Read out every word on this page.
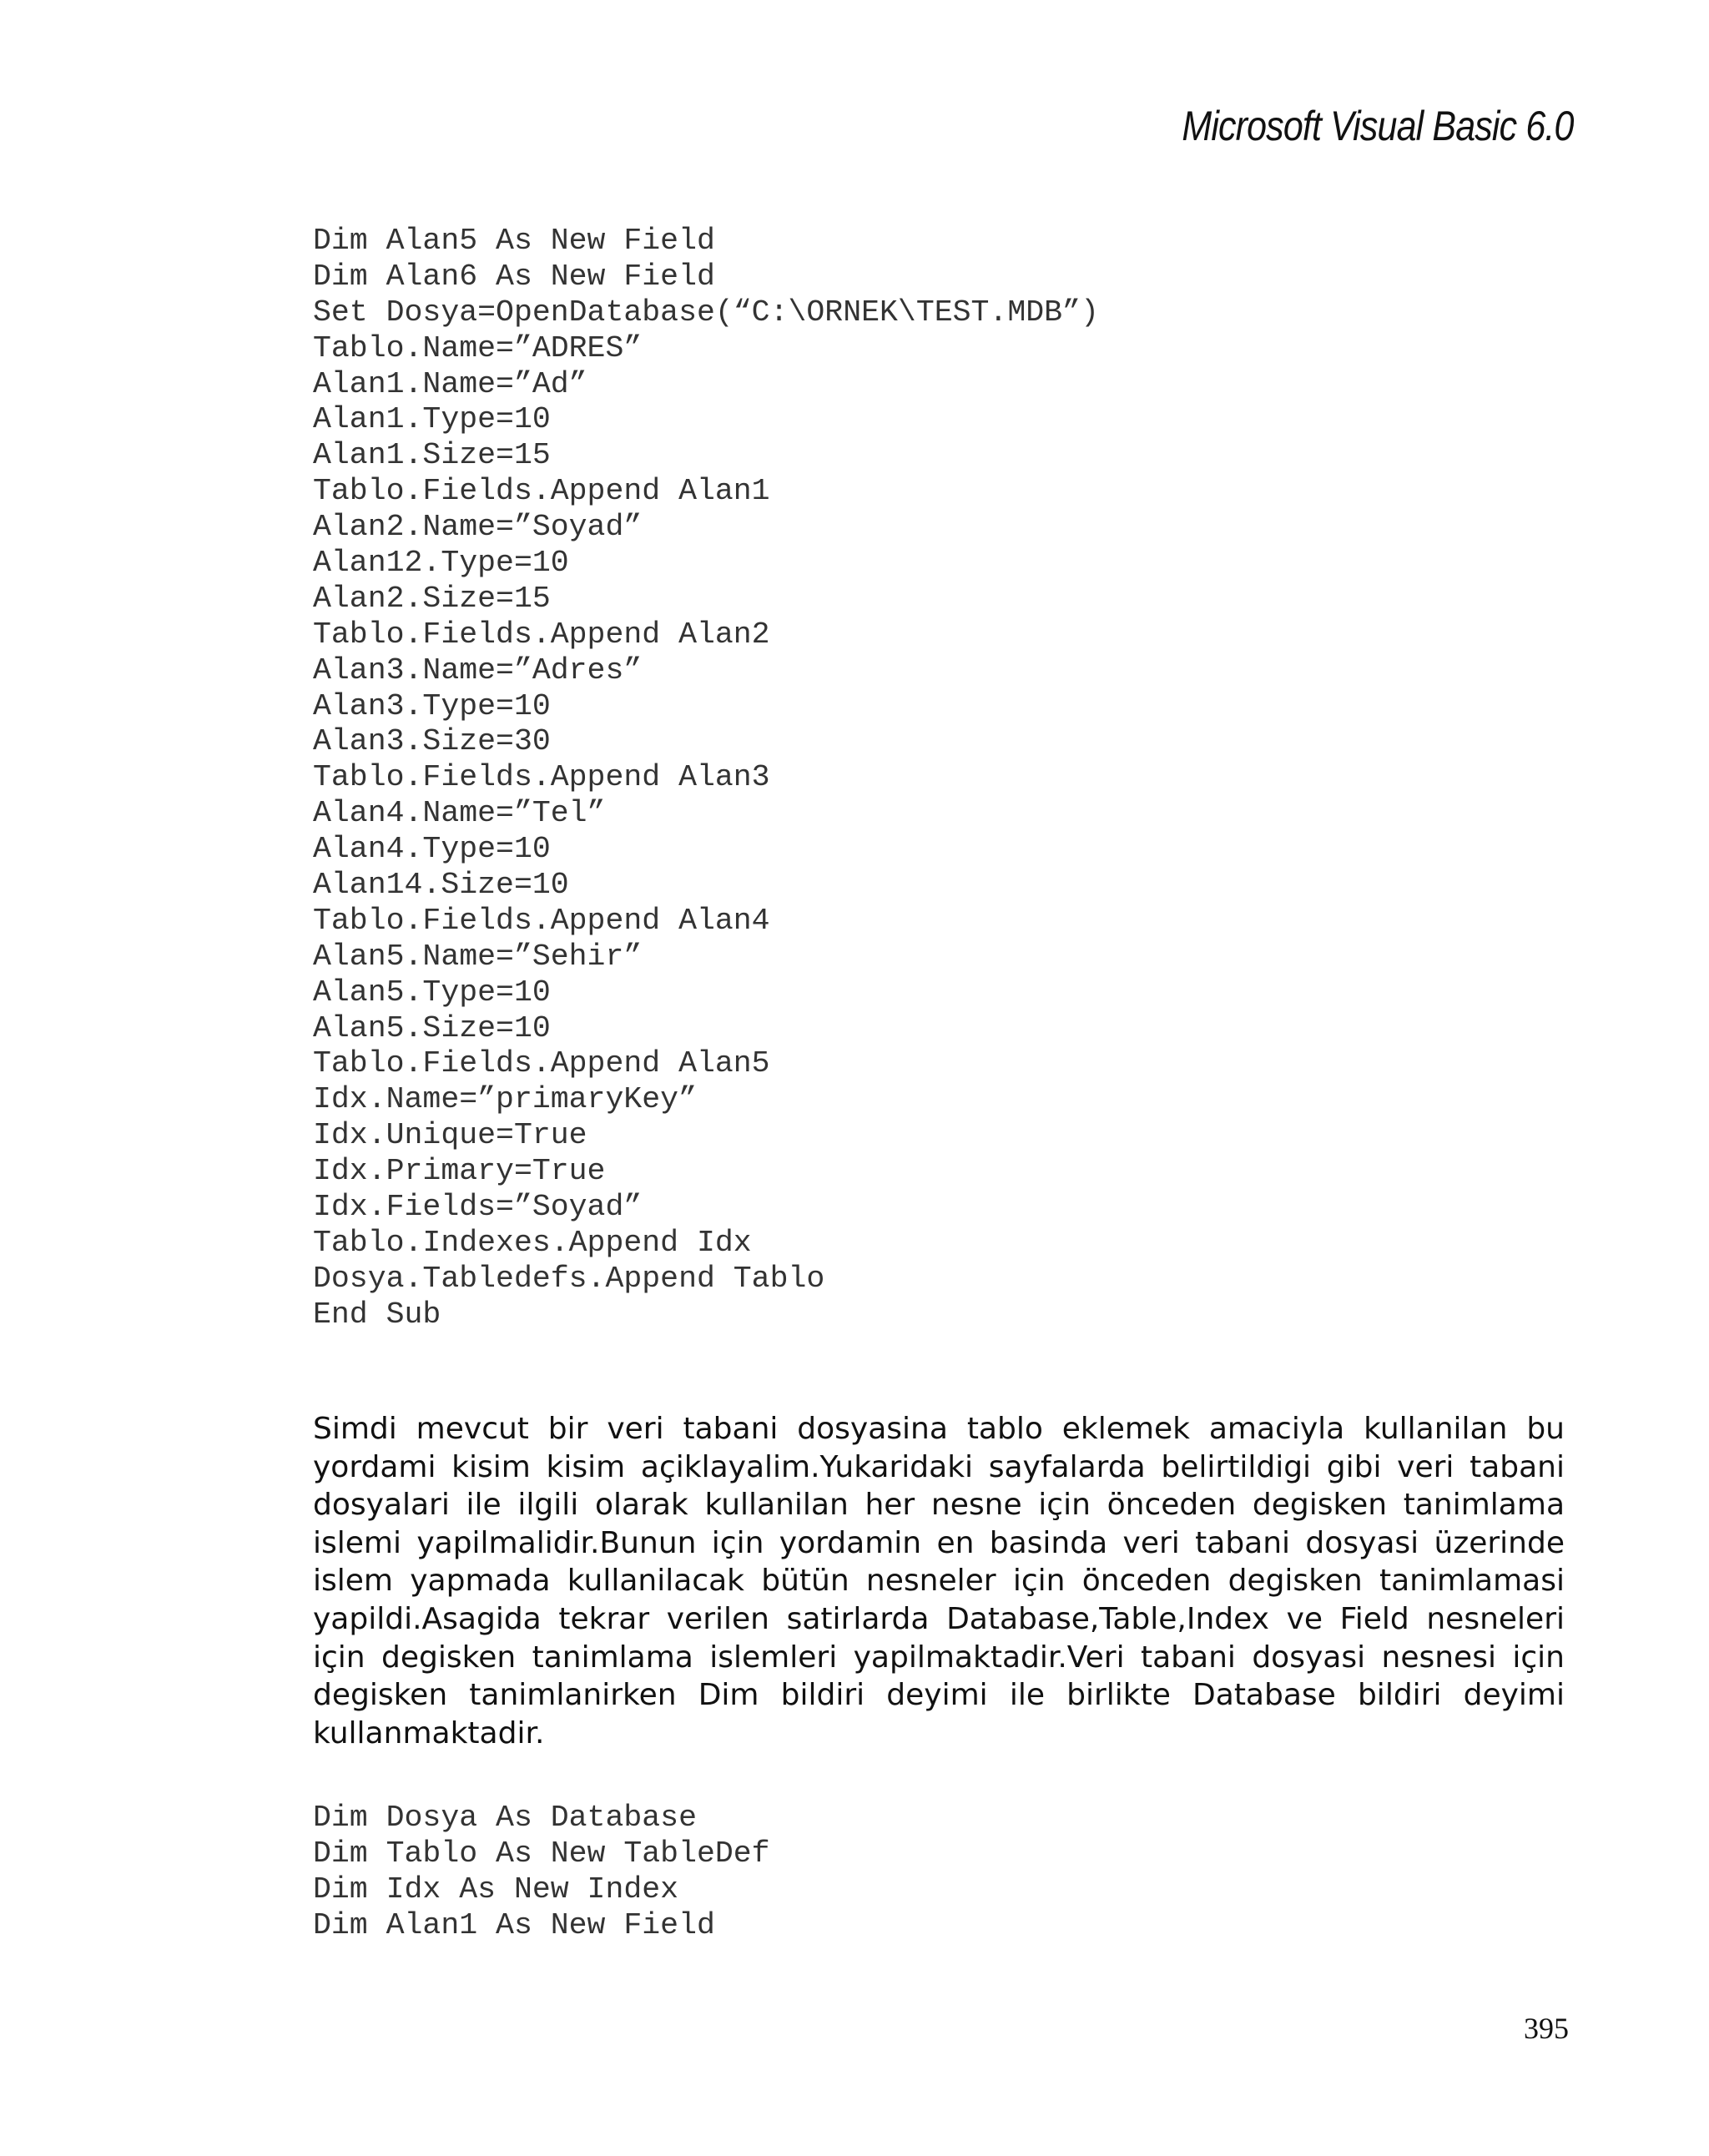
Microsoft Visual Basic 6.0
Dim Alan5 As New Field
Dim Alan6 As New Field
Set Dosya=OpenDatabase(“C:\ORNEK\TEST.MDB”)
Tablo.Name=”ADRES”
Alan1.Name=”Ad”
Alan1.Type=10
Alan1.Size=15
Tablo.Fields.Append Alan1
Alan2.Name=”Soyad”
Alan12.Type=10
Alan2.Size=15
Tablo.Fields.Append Alan2
Alan3.Name=”Adres”
Alan3.Type=10
Alan3.Size=30
Tablo.Fields.Append Alan3
Alan4.Name=”Tel”
Alan4.Type=10
Alan14.Size=10
Tablo.Fields.Append Alan4
Alan5.Name=”Sehir”
Alan5.Type=10
Alan5.Size=10
Tablo.Fields.Append Alan5
Idx.Name=”primaryKey”
Idx.Unique=True
Idx.Primary=True
Idx.Fields=”Soyad”
Tablo.Indexes.Append Idx
Dosya.Tabledefs.Append Tablo
End Sub

Simdi mevcut bir veri tabani dosyasina tablo eklemek amaciyla kullanilan bu yordami kisim kisim açiklayalim.Yukaridaki sayfalarda belirtildigi gibi veri tabani dosyalari ile ilgili olarak kullanilan her nesne için önceden degisken tanimlama islemi yapilmalidir.Bunun için yordamin en basinda veri tabani dosyasi üzerinde islem yapmada kullanilacak bütün nesneler için önceden degisken tanimlamasi yapildi.Asagida tekrar verilen satirlarda Database,Table,Index ve Field nesneleri için degisken tanimlama islemleri yapilmaktadir.Veri tabani dosyasi nesnesi için degisken tanimlanirken Dim bildiri deyimi ile birlikte Database bildiri deyimi kullanmaktadir.

Dim Dosya As Database
Dim Tablo As New TableDef
Dim Idx As New Index
Dim Alan1 As New Field
395
